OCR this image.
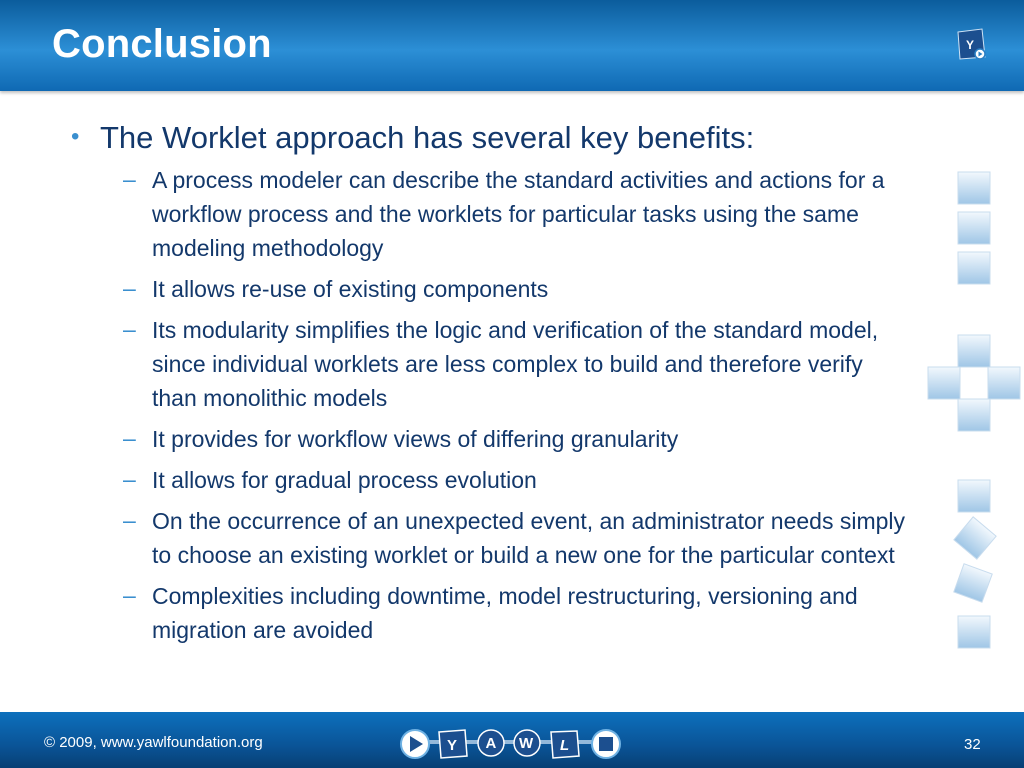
Conclusion	Y
• The Worklet approach has several key benefits:
– A process modeler can describe the standard activities and actions for a workflow process and the worklets for particular tasks using the same modeling methodology
– It allows re-use of existing components
– Its modularity simplifies the logic and verification of the standard model, since individual worklets are less complex to build and therefore verify than monolithic models
– It provides for workflow views of differing granularity
– It allows for gradual process evolution
– On the occurrence of an unexpected event, an administrator needs simply to choose an existing worklet or build a new one for the particular context
– Complexities including downtime, model restructuring, versioning and migration are avoided
© 2009, www.yawlfoundation.org	Y A W L	32
